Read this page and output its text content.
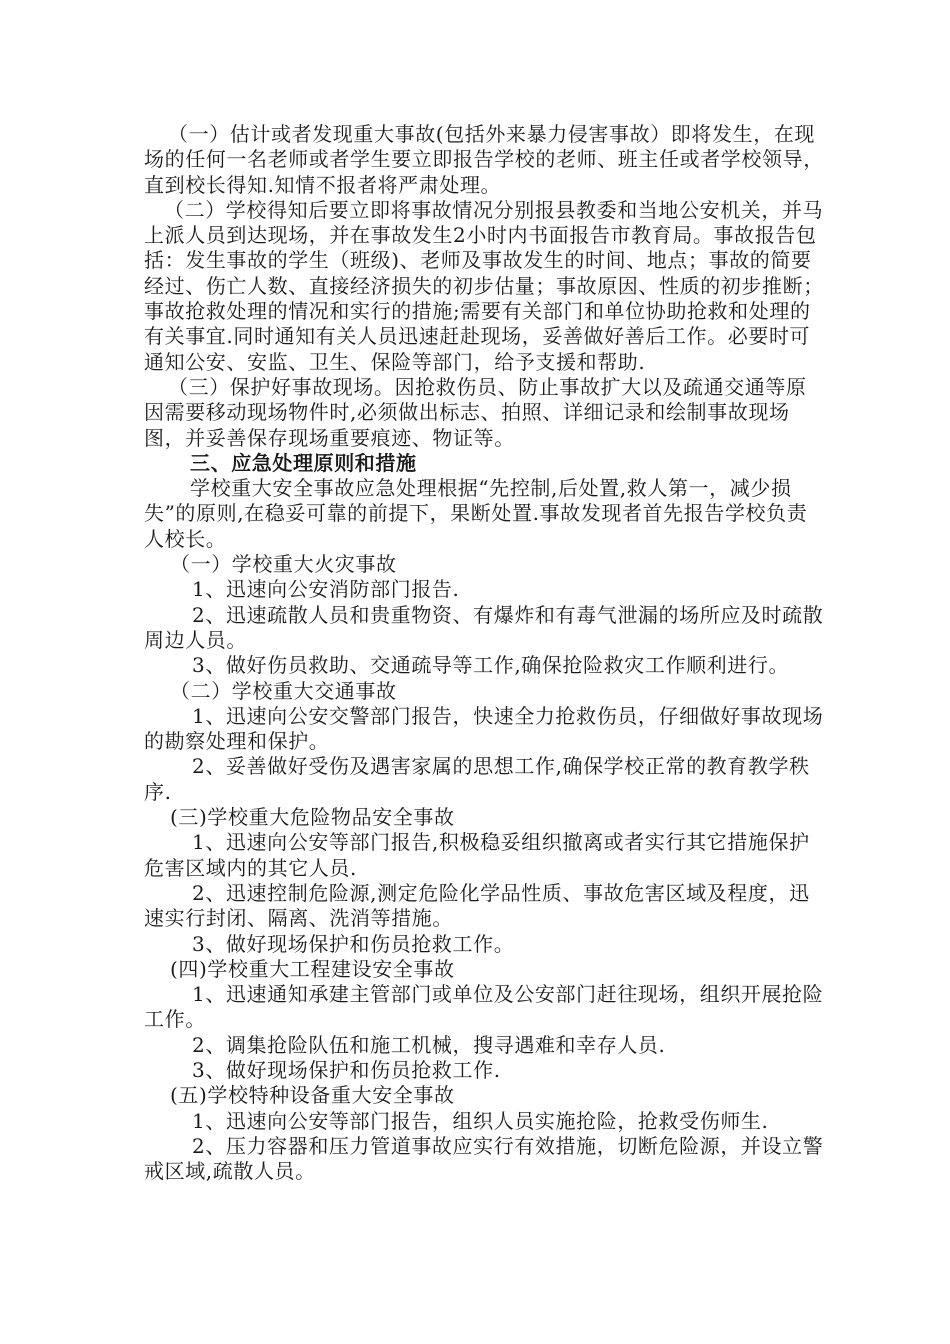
（一）估计或者发现重大事故(包括外来暴力侵害事故）即将发生，在现场的任何一名老师或者学生要立即报告学校的老师、班主任或者学校领导，直到校长得知.知情不报者将严肃处理。

（二）学校得知后要立即将事故情况分别报县教委和当地公安机关，并马上派人员到达现场，并在事故发生2小时内书面报告市教育局。事故报告包括：发生事故的学生（班级)、老师及事故发生的时间、地点；事故的简要经过、伤亡人数、直接经济损失的初步估量；事故原因、性质的初步推断；事故抢救处理的情况和实行的措施;需要有关部门和单位协助抢救和处理的有关事宜.同时通知有关人员迅速赶赴现场，妥善做好善后工作。必要时可通知公安、安监、卫生、保险等部门，给予支援和帮助.

（三）保护好事故现场。因抢救伤员、防止事故扩大以及疏通交通等原因需要移动现场物件时,必须做出标志、拍照、详细记录和绘制事故现场图，并妥善保存现场重要痕迹、物证等。

三、应急处理原则和措施

学校重大安全事故应急处理根据“先控制,后处置,救人第一，减少损失”的原则,在稳妥可靠的前提下，果断处置.事故发现者首先报告学校负责人校长。

（一）学校重大火灾事故

1、迅速向公安消防部门报告.

2、迅速疏散人员和贵重物资、有爆炸和有毒气泄漏的场所应及时疏散周边人员。

3、做好伤员救助、交通疏导等工作,确保抢险救灾工作顺利进行。

（二）学校重大交通事故

1、迅速向公安交警部门报告，快速全力抢救伤员，仔细做好事故现场的勘察处理和保护。

2、妥善做好受伤及遇害家属的思想工作,确保学校正常的教育教学秩序.

(三)学校重大危险物品安全事故

1、迅速向公安等部门报告,积极稳妥组织撤离或者实行其它措施保护危害区域内的其它人员.

2、迅速控制危险源,测定危险化学品性质、事故危害区域及程度，迅速实行封闭、隔离、洗消等措施。

3、做好现场保护和伤员抢救工作。

(四)学校重大工程建设安全事故

1、迅速通知承建主管部门或单位及公安部门赶往现场，组织开展抢险工作。

2、调集抢险队伍和施工机械，搜寻遇难和幸存人员.

3、做好现场保护和伤员抢救工作.

(五)学校特种设备重大安全事故

1、迅速向公安等部门报告，组织人员实施抢险，抢救受伤师生.

2、压力容器和压力管道事故应实行有效措施，切断危险源，并设立警戒区域,疏散人员。
